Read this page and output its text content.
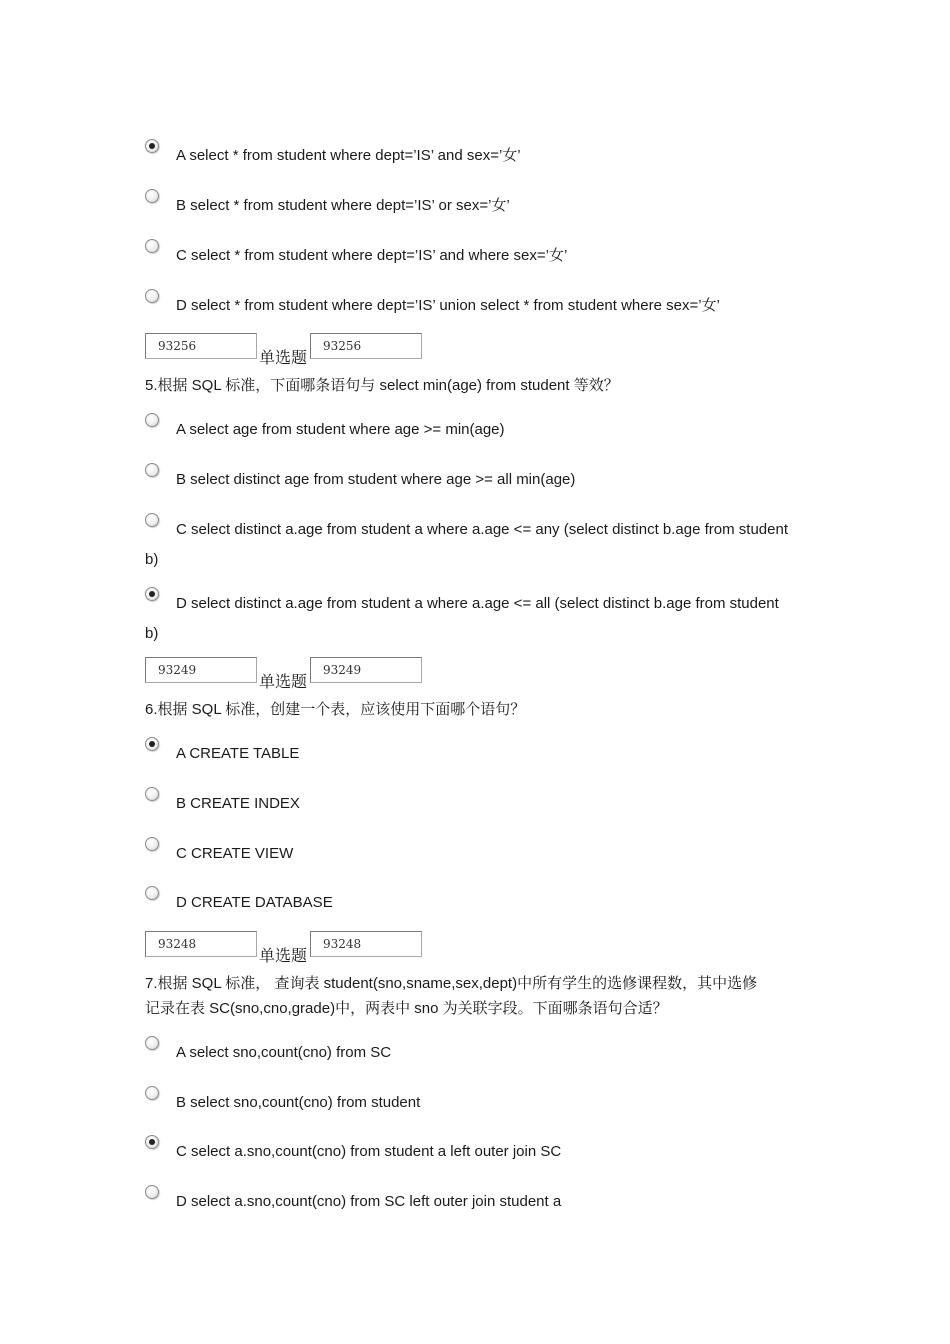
A select * from student where dept=’IS’ and sex=’女’
B select * from student where dept=’IS’ or sex=’女’
C select * from student where dept=’IS’ and where sex=’女’
D select * from student where dept=’IS’ union select * from student where sex=’女’
93256
单选题
93256
5.根据 SQL 标准，下面哪条语句与 select min(age) from student 等效？
A select age from student where age >= min(age)
B select distinct age from student where age >= all min(age)
C select distinct a.age from student a where a.age <= any (select distinct b.age from student
b)
D select distinct a.age from student a where a.age <= all (select distinct b.age from student
b)
93249
单选题
93249
6.根据 SQL 标准，创建一个表，应该使用下面哪个语句？
A CREATE TABLE
B CREATE INDEX
C CREATE VIEW
D CREATE DATABASE
93248
单选题
93248
7.根据 SQL 标准， 查询表 student(sno,sname,sex,dept)中所有学生的选修课程数，其中选修
记录在表 SC(sno,cno,grade)中，两表中 sno 为关联字段。下面哪条语句合适？
A select sno,count(cno) from SC
B select sno,count(cno) from student
C select a.sno,count(cno) from student a left outer join SC
D select a.sno,count(cno) from SC left outer join student a
